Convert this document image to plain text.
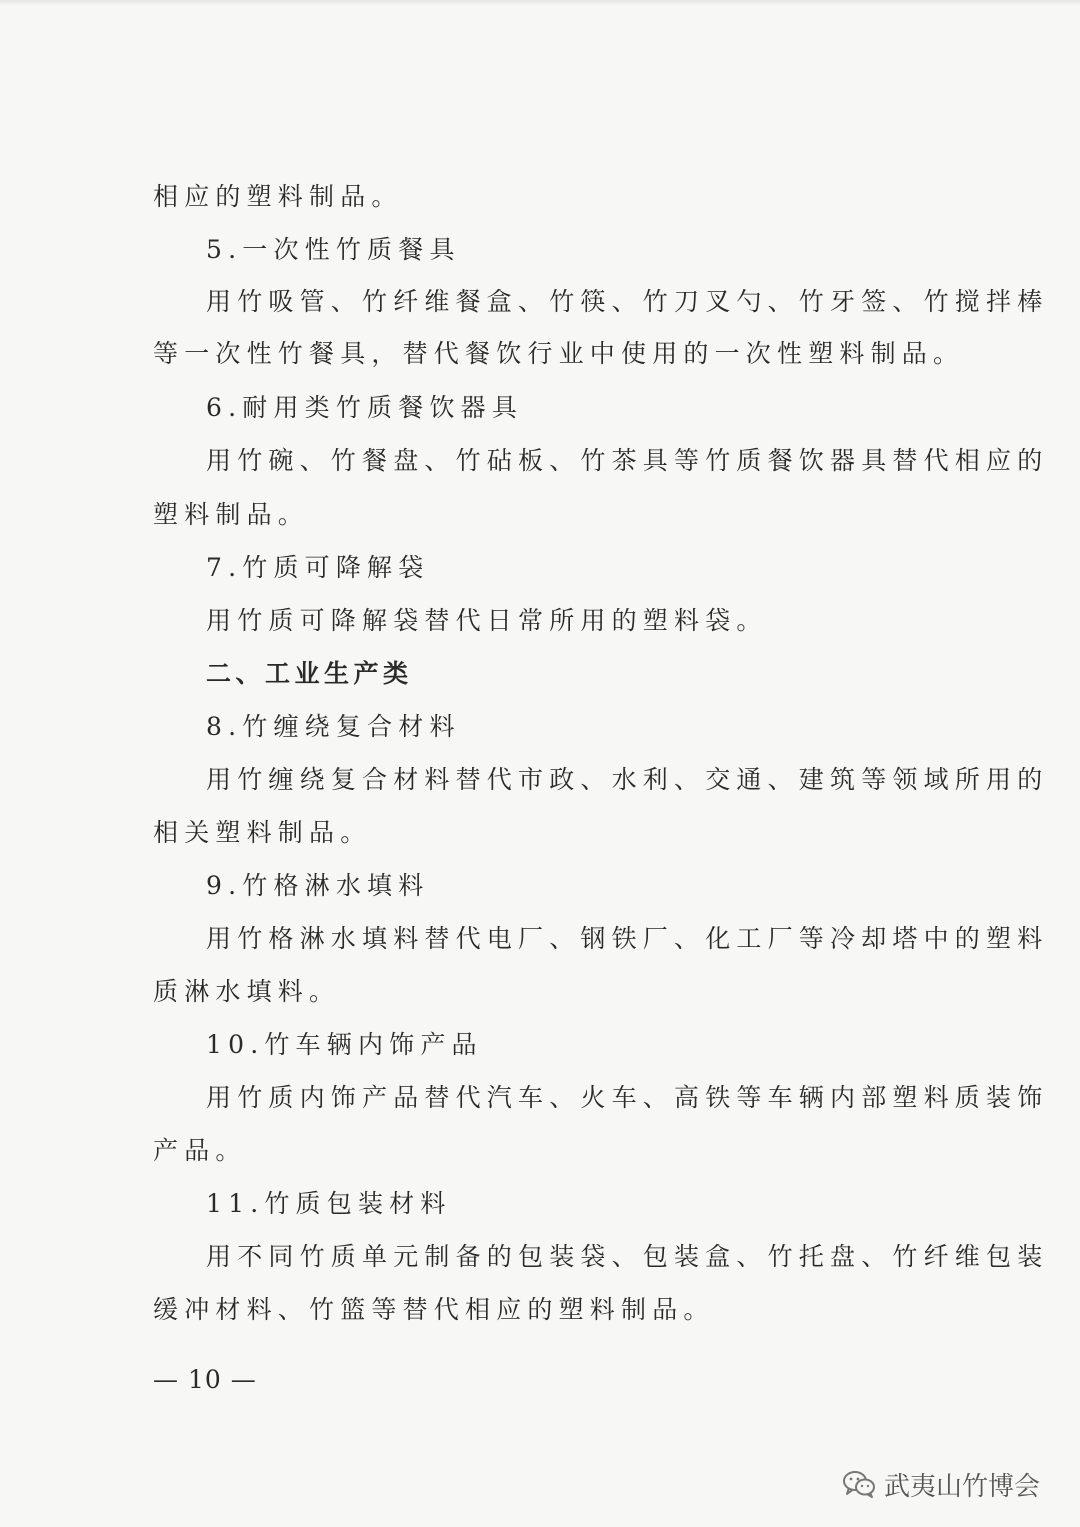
相应的塑料制品。
5.一次性竹质餐具
用竹吸管、竹纤维餐盒、竹筷、竹刀叉勺、竹牙签、竹搅拌棒
等一次性竹餐具，替代餐饮行业中使用的一次性塑料制品。
6.耐用类竹质餐饮器具
用竹碗、竹餐盘、竹砧板、竹茶具等竹质餐饮器具替代相应的
塑料制品。
7.竹质可降解袋
用竹质可降解袋替代日常所用的塑料袋。
二、工业生产类
8.竹缠绕复合材料
用竹缠绕复合材料替代市政、水利、交通、建筑等领域所用的
相关塑料制品。
9.竹格淋水填料
用竹格淋水填料替代电厂、钢铁厂、化工厂等冷却塔中的塑料
质淋水填料。
10.竹车辆内饰产品
用竹质内饰产品替代汽车、火车、高铁等车辆内部塑料质装饰
产品。
11.竹质包装材料
用不同竹质单元制备的包装袋、包装盒、竹托盘、竹纤维包装
缓冲材料、竹篮等替代相应的塑料制品。
— 10 —
武夷山竹博会
